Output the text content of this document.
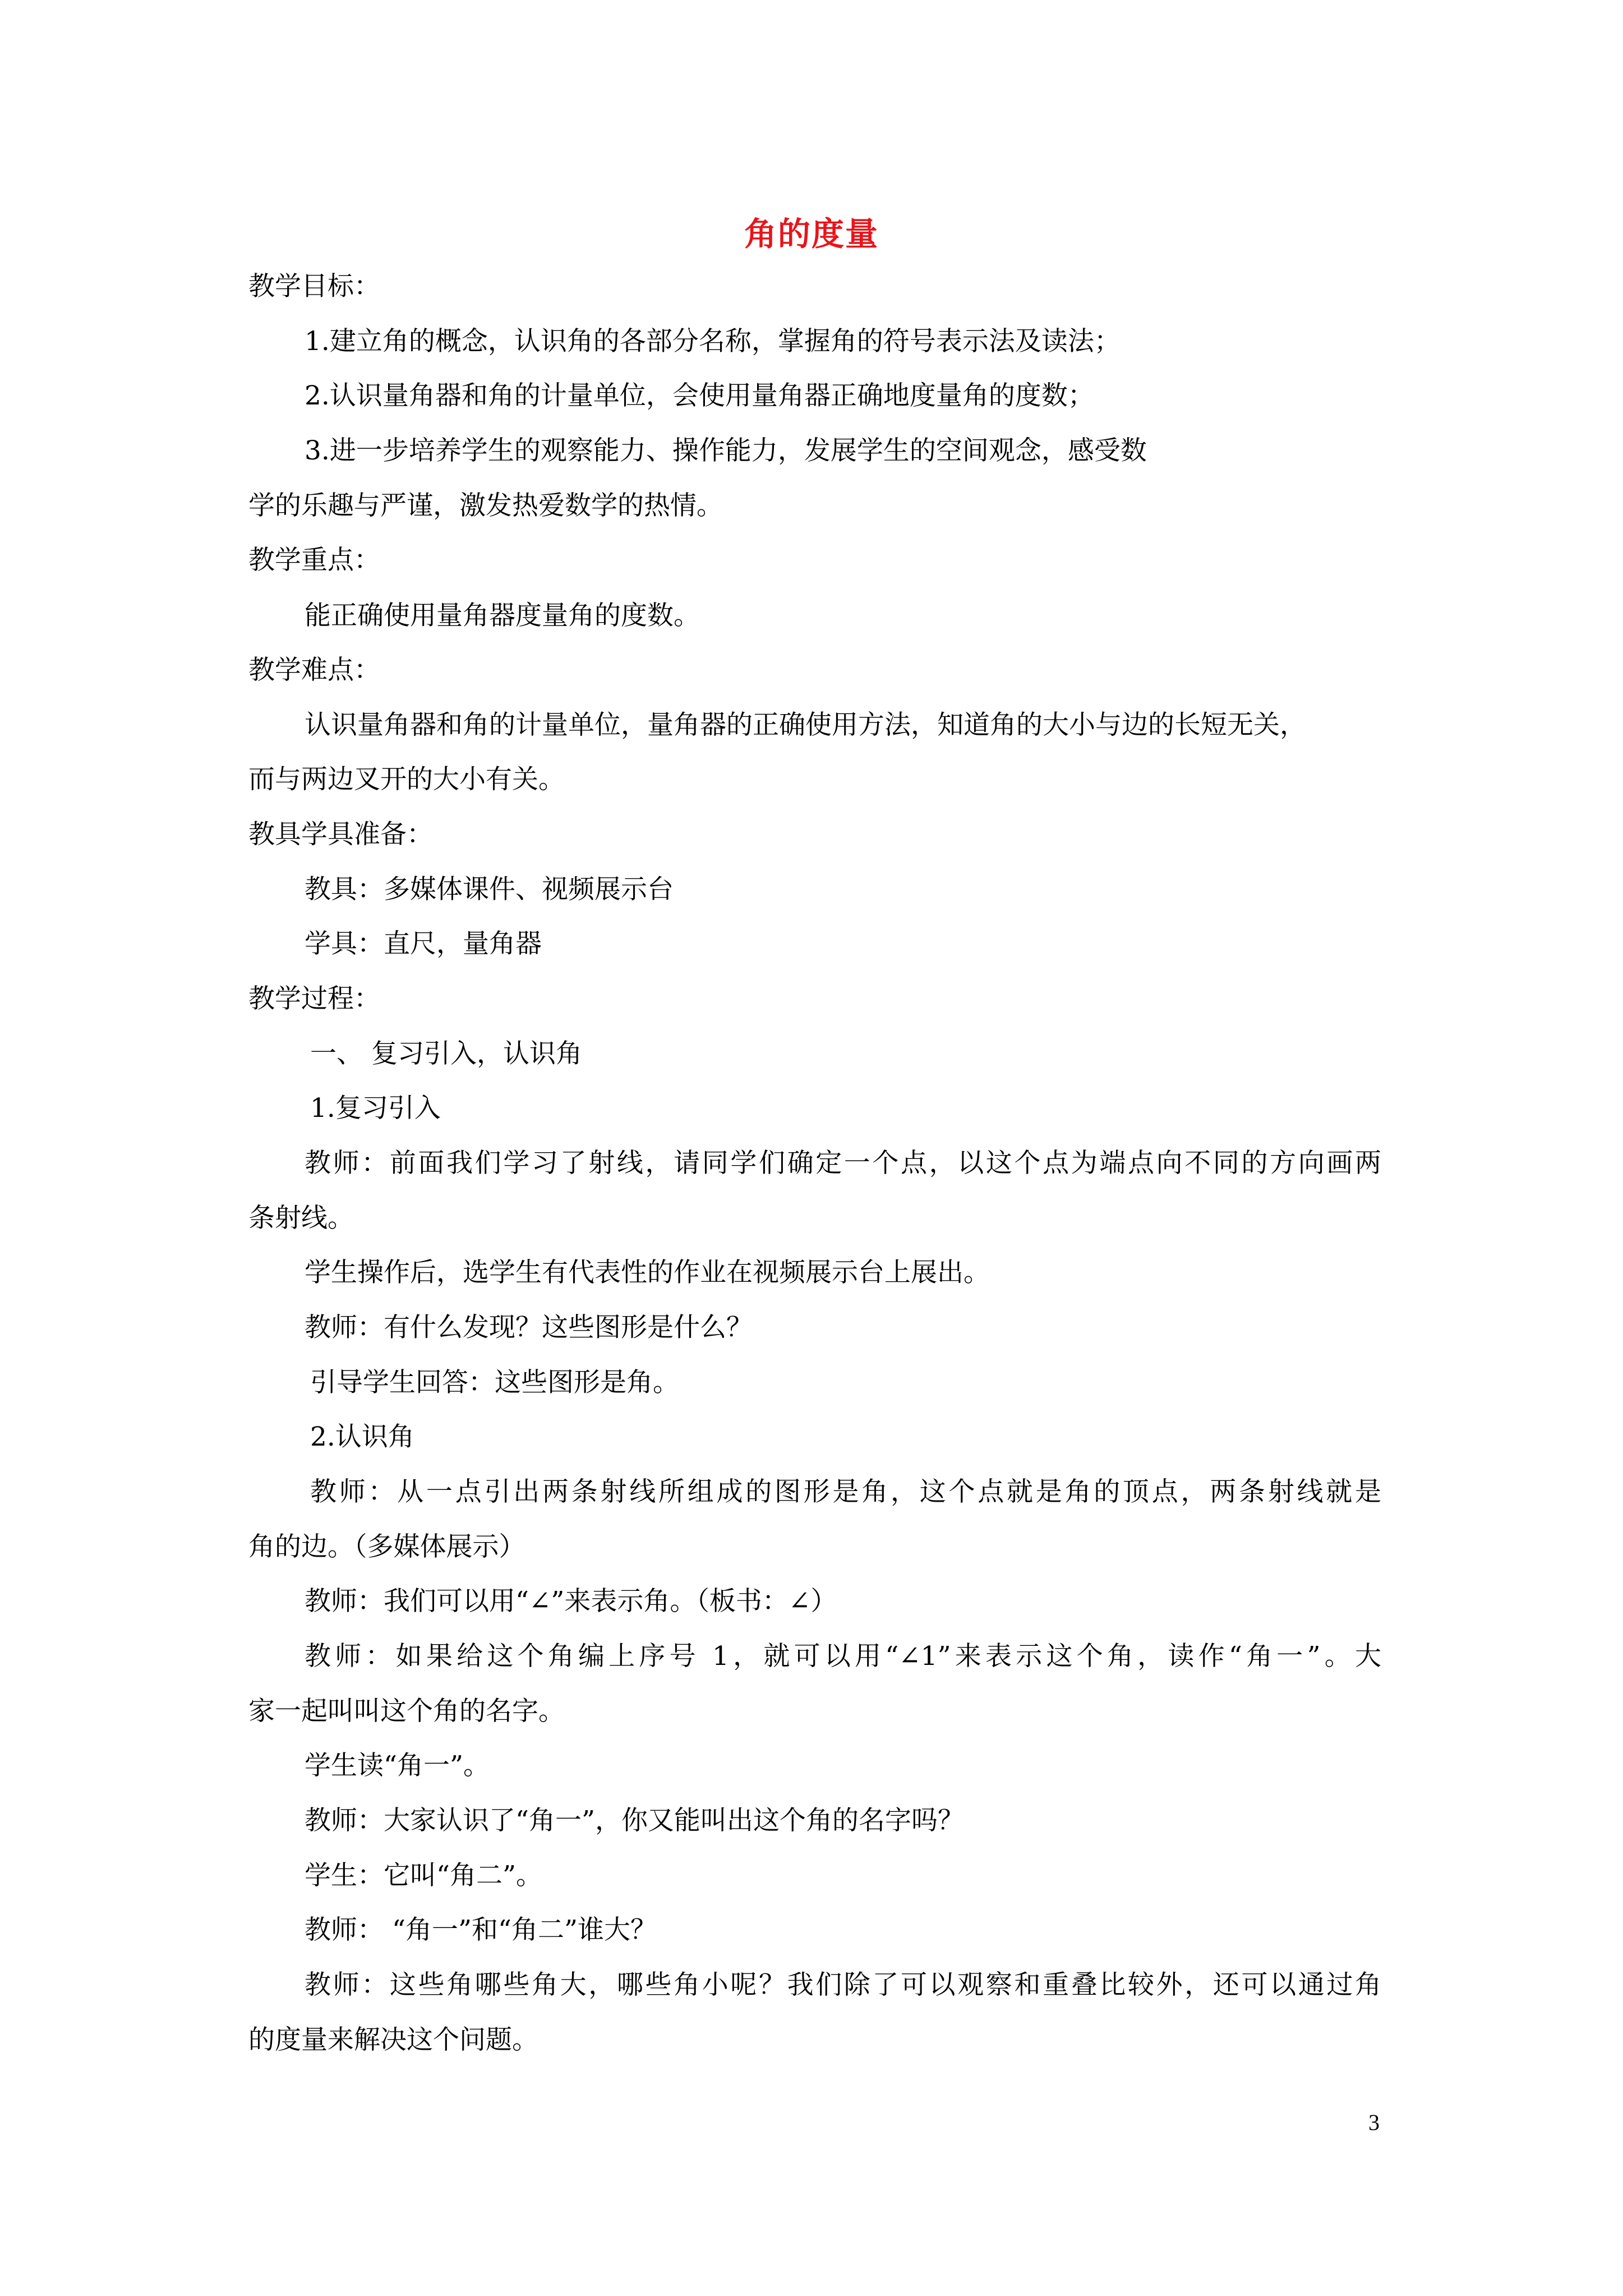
角的度量
教学目标：
1.建立角的概念，认识角的各部分名称，掌握角的符号表示法及读法；
2.认识量角器和角的计量单位，会使用量角器正确地度量角的度数；
3.进一步培养学生的观察能力、操作能力，发展学生的空间观念，感受数
学的乐趣与严谨，激发热爱数学的热情。
教学重点：
能正确使用量角器度量角的度数。
教学难点：
认识量角器和角的计量单位，量角器的正确使用方法，知道角的大小与边的长短无关，
而与两边叉开的大小有关。
教具学具准备：
教具：多媒体课件、视频展示台
学具：直尺，量角器
教学过程：
一、 复习引入，认识角
1.复习引入
教师：前面我们学习了射线，请同学们确定一个点，以这个点为端点向不同的方向画两
条射线。
学生操作后，选学生有代表性的作业在视频展示台上展出。
教师：有什么发现？这些图形是什么？
引导学生回答：这些图形是角。
2.认识角
教师：从一点引出两条射线所组成的图形是角，这个点就是角的顶点，两条射线就是
角的边。（多媒体展示）
教师：我们可以用“∠”来表示角。（板书：∠）
教师：如果给这个角编上序号 1，就可以用“∠1”来表示这个角，读作“角一”。大
家一起叫叫这个角的名字。
学生读“角一”。
教师：大家认识了“角一”，你又能叫出这个角的名字吗？
学生：它叫“角二”。
教师： “角一”和“角二”谁大？
教师：这些角哪些角大，哪些角小呢？我们除了可以观察和重叠比较外，还可以通过角
的度量来解决这个问题。
3
